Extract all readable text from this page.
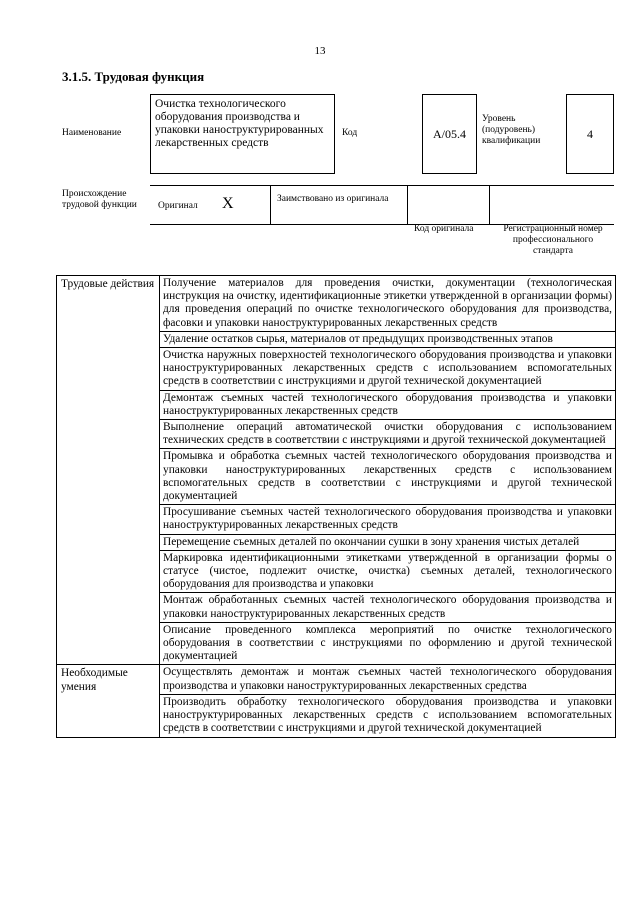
13
3.1.5. Трудовая функция
Наименование
Очистка технологического оборудования производства и упаковки наноструктурированных лекарственных средств
Код	A/05.4
Уровень (подуровень) квалификации
4
Происхождение трудовой функции	Оригинал X	Заимствовано из оригинала
Код оригинала	Регистрационный номер профессионального стандарта
Трудовые действия	Получение материалов для проведения очистки, документации (технологическая инструкция на очистку, идентификационные этикетки утвержденной в организации формы) для проведения операций по очистке технологического оборудования для производства, фасовки и упаковки наноструктурированных лекарственных средств
	Удаление остатков сырья, материалов от предыдущих производственных этапов
	Очистка наружных поверхностей технологического оборудования производства и упаковки наноструктурированных лекарственных средств с использованием вспомогательных средств в соответствии с инструкциями и другой технической документацией
	Демонтаж съемных частей технологического оборудования производства и упаковки наноструктурированных лекарственных средств
	Выполнение операций автоматической очистки оборудования с использованием технических средств в соответствии с инструкциями и другой технической документацией
	Промывка и обработка съемных частей технологического оборудования производства и упаковки наноструктурированных лекарственных средств с использованием вспомогательных средств в соответствии с инструкциями и другой технической документацией
	Просушивание съемных частей технологического оборудования производства и упаковки наноструктурированных лекарственных средств
	Перемещение съемных деталей по окончании сушки в зону хранения чистых деталей
	Маркировка идентификационными этикетками утвержденной в организации формы о статусе (чистое, подлежит очистке, очистка) съемных деталей, технологического оборудования для производства и упаковки
	Монтаж обработанных съемных частей технологического оборудования производства и упаковки наноструктурированных лекарственных средств
	Описание проведенного комплекса мероприятий по очистке технологического оборудования в соответствии с инструкциями по оформлению и другой технической документацией
Необходимые умения	Осуществлять демонтаж и монтаж съемных частей технологического оборудования производства и упаковки наноструктурированных лекарственных средства
	Производить обработку технологического оборудования производства и упаковки наноструктурированных лекарственных средств с использованием вспомогательных средств в соответствии с инструкциями и другой технической документацией
